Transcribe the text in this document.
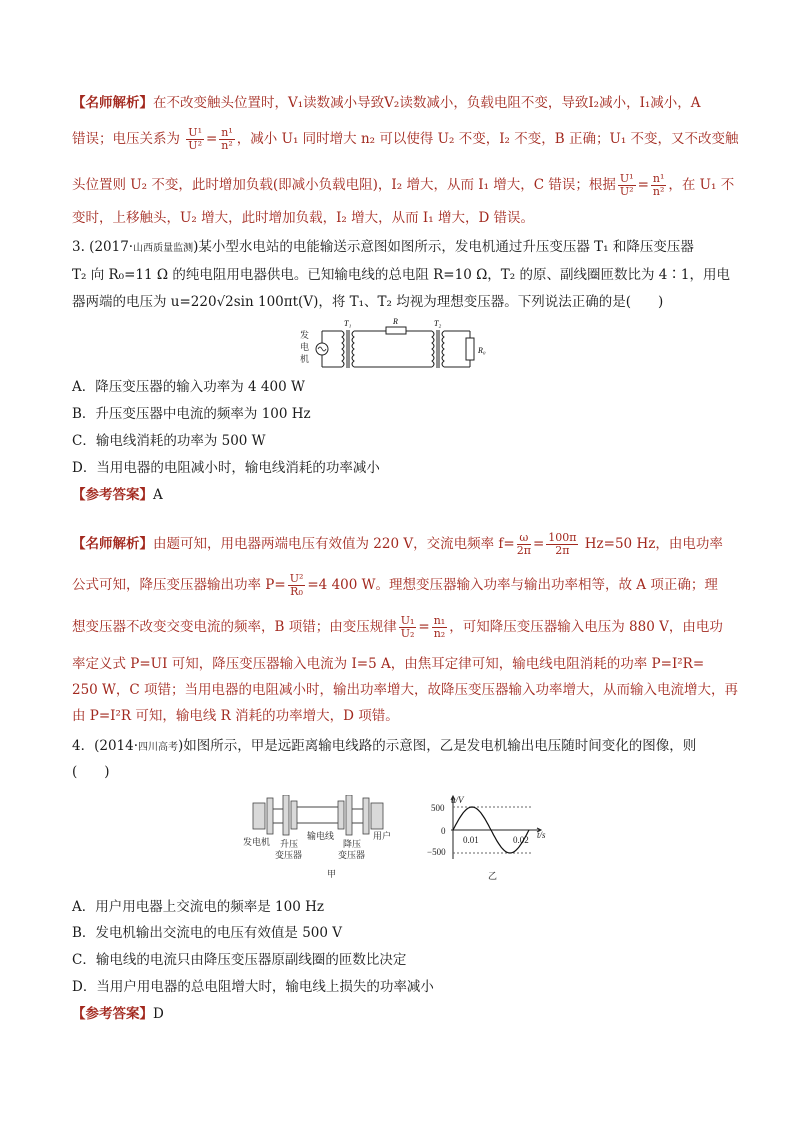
【名师解析】在不改变触头位置时，V₁读数减小导致V₂读数减小，负载电阻不变，导致I₂减小，I₁减小，A
错误；电压关系为 $\frac{\text{U¹}}{\text{U²}} = \frac{\text{n¹}}{\text{n²}}$ ，减小 U₁ 同时增大 n₂ 可以使得 U₂ 不变，I₂ 不变，B 正确；U₁ 不变，又不改变触
头位置则 U₂ 不变，此时增加负载(即减小负载电阻)，I₂ 增大，从而 I₁ 增大，C 错误；根据 $\frac{\text{U¹}}{\text{U²}} = \frac{\text{n¹}}{\text{n²}}$ ，在 U₁ 不
变时，上移触头，U₂ 增大，此时增加负载，I₂ 增大，从而 I₁ 增大，D 错误。
3. (2017·山西质量监测)某小型水电站的电能输送示意图如图所示，发电机通过升压变压器 T₁ 和降压变压器
T₂ 向 R₀=11 Ω 的纯电阻用电器供电。已知输电线的总电阻 R=10 Ω，T₂ 的原、副线圈匝数比为 4∶1，用电
器两端的电压为 u=220√2sin 100πt(V)，将 T₁、T₂ 均视为理想变压器。下列说法正确的是(　　)
发
电
机
T₁	R	T₂
R₀
A．降压变压器的输入功率为 4 400 W
B．升压变压器中电流的频率为 100 Hz
C．输电线消耗的功率为 500 W
D．当用电器的电阻减小时，输电线消耗的功率减小
【参考答案】A
【名师解析】由题可知，用电器两端电压有效值为 220 V，交流电频率 $f= \frac{\omega}{2\pi} = \frac{100\pi}{2\pi} Hz=50$ Hz，由电功率
公式可知，降压变压器输出功率 $P= \frac{\text{U²}}{\text{R₀}} =4$ 400 W。理想变压器输入功率与输出功率相等，故 A 项正确；理
想变压器不改变交变电流的频率，B 项错；由变压规律 $\frac{\text{U₁}}{\text{U₂}} = \frac{\text{n₁}}{\text{n₂}}$ ，可知降压变压器输入电压为 880 V，由电功
率定义式 P=UI 可知，降压变压器输入电流为 I=5 A，由焦耳定律可知，输电线电阻消耗的功率 P=I²R=
250 W，C 项错；当用电器的电阻减小时，输出功率增大，故降压变压器输入功率增大，从而输入电流增大，再
由 P=I²R 可知，输电线 R 消耗的功率增大，D 项错。
4．(2014·四川高考)如图所示，甲是远距离输电线路的示意图，乙是发电机输出电压随时间变化的图像，则
(　　)
发电机 升压
变压器
输电线
降压
变压器
用户
甲
u/V
500
0
−500
0.01	0.02 t/s
乙
A．用户用电器上交流电的频率是 100 Hz
B．发电机输出交流电的电压有效值是 500 V
C．输电线的电流只由降压变压器原副线圈的匝数比决定
D．当用户用电器的总电阻增大时，输电线上损失的功率减小
【参考答案】D
